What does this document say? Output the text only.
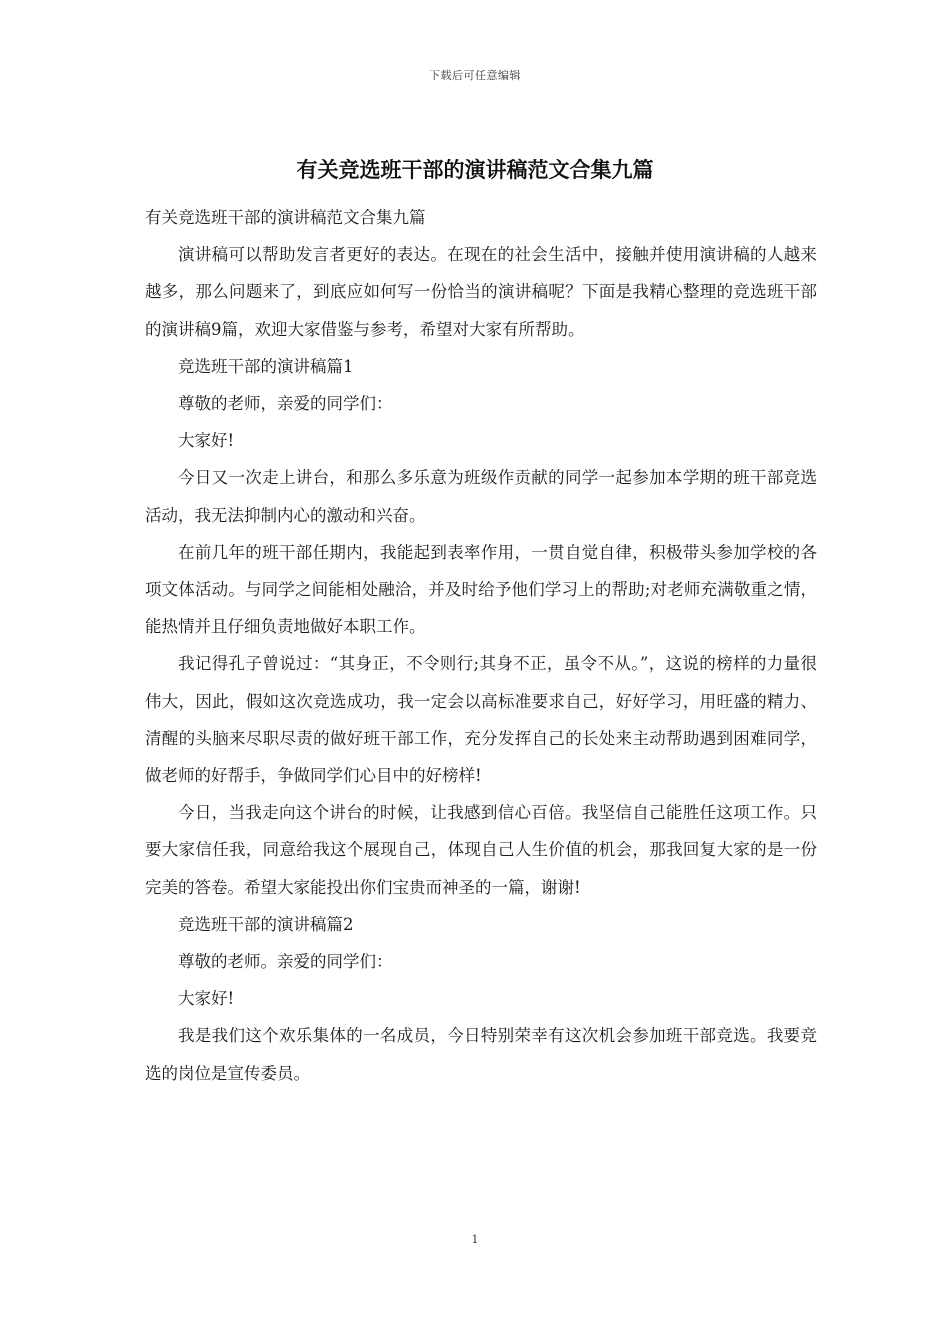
下载后可任意编辑
有关竞选班干部的演讲稿范文合集九篇

有关竞选班干部的演讲稿范文合集九篇

演讲稿可以帮助发言者更好的表达。在现在的社会生活中，接触并使用演讲稿的人越来越多，那么问题来了，到底应如何写一份恰当的演讲稿呢？下面是我精心整理的竞选班干部的演讲稿9篇，欢迎大家借鉴与参考，希望对大家有所帮助。

竞选班干部的演讲稿篇1

尊敬的老师，亲爱的同学们：

大家好!

今日又一次走上讲台，和那么多乐意为班级作贡献的同学一起参加本学期的班干部竞选活动，我无法抑制内心的激动和兴奋。

在前几年的班干部任期内，我能起到表率作用，一贯自觉自律，积极带头参加学校的各项文体活动。与同学之间能相处融洽，并及时给予他们学习上的帮助;对老师充满敬重之情，能热情并且仔细负责地做好本职工作。

我记得孔子曾说过：“其身正，不令则行;其身不正，虽令不从。”，这说的榜样的力量很伟大，因此，假如这次竞选成功，我一定会以高标准要求自己，好好学习，用旺盛的精力、清醒的头脑来尽职尽责的做好班干部工作，充分发挥自己的长处来主动帮助遇到困难同学，做老师的好帮手，争做同学们心目中的好榜样!

今日，当我走向这个讲台的时候，让我感到信心百倍。我坚信自己能胜任这项工作。只要大家信任我，同意给我这个展现自己，体现自己人生价值的机会，那我回复大家的是一份完美的答卷。希望大家能投出你们宝贵而神圣的一篇，谢谢!

竞选班干部的演讲稿篇2

尊敬的老师。亲爱的同学们：

大家好!

我是我们这个欢乐集体的一名成员，今日特别荣幸有这次机会参加班干部竞选。我要竞选的岗位是宣传委员。

1
